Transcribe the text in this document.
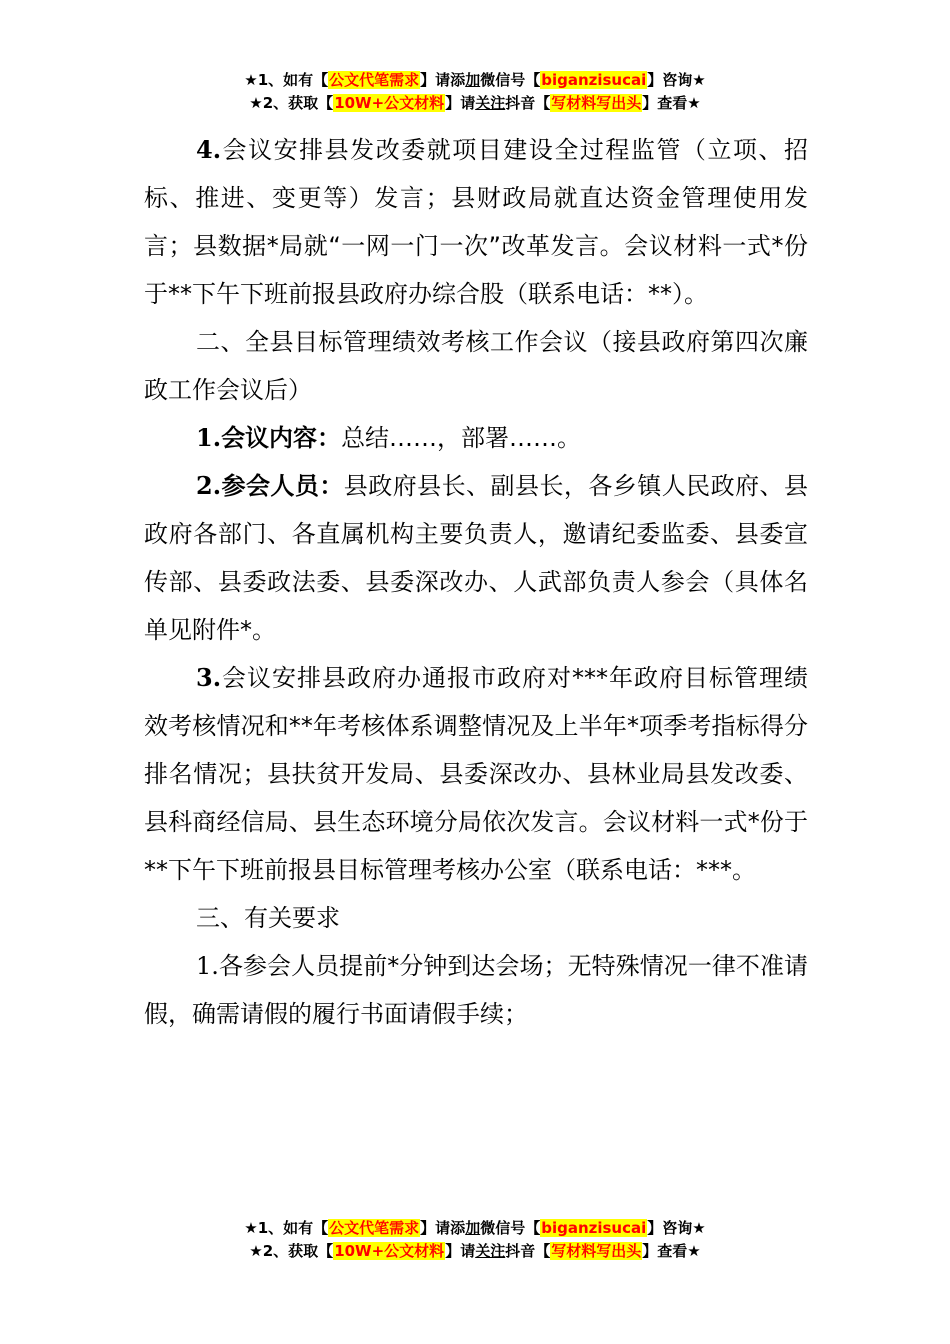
★1、如有【公文代笔需求】请添加微信号【biganzisucai】咨询★
★2、获取【10W+公文材料】请关注抖音【写材料写出头】查看★

4.会议安排县发改委就项目建设全过程监管（立项、招标、推进、变更等）发言；县财政局就直达资金管理使用发言；县数据*局就“一网一门一次”改革发言。会议材料一式*份于**下午下班前报县政府办综合股（联系电话：**）。

二、全县目标管理绩效考核工作会议（接县政府第四次廉政工作会议后）

1.会议内容：总结……，部署……。

2.参会人员：县政府县长、副县长，各乡镇人民政府、县政府各部门、各直属机构主要负责人，邀请纪委监委、县委宣传部、县委政法委、县委深改办、人武部负责人参会（具体名单见附件*。

3.会议安排县政府办通报市政府对***年政府目标管理绩效考核情况和**年考核体系调整情况及上半年*项季考指标得分排名情况；县扶贫开发局、县委深改办、县林业局县发改委、县科商经信局、县生态环境分局依次发言。会议材料一式*份于**下午下班前报县目标管理考核办公室（联系电话：***。

三、有关要求

1.各参会人员提前*分钟到达会场；无特殊情况一律不准请假，确需请假的履行书面请假手续；

★1、如有【公文代笔需求】请添加微信号【biganzisucai】咨询★
★2、获取【10W+公文材料】请关注抖音【写材料写出头】查看★
